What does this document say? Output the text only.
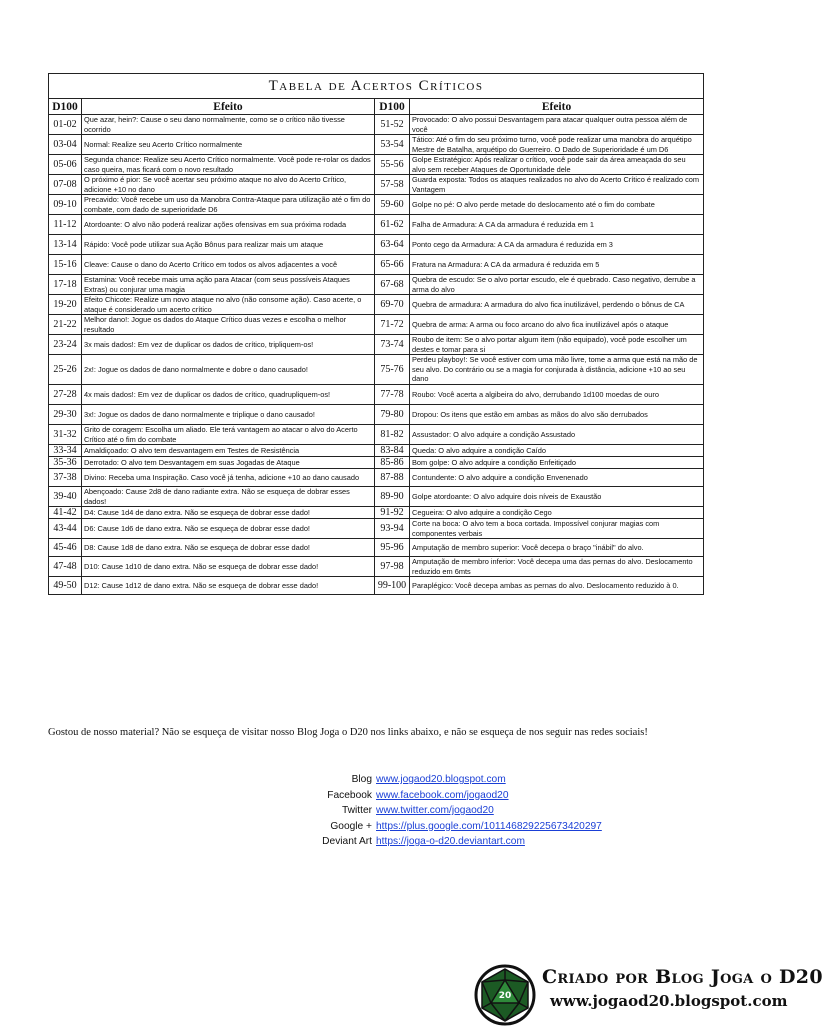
Tabela de Acertos Críticos			
D100	Efeito	D100	Efeito
01-02	Que azar, hein?: Cause o seu dano normalmente, como se o crítico não tivesse ocorrido	51-52	Provocado: O alvo possui Desvantagem para atacar qualquer outra pessoa além de você
03-04	Normal: Realize seu Acerto Crítico normalmente	53-54	Tático: Até o fim do seu próximo turno, você pode realizar uma manobra do arquétipo Mestre de Batalha, arquétipo do Guerreiro. O Dado de Superioridade é um D6
05-06	Segunda chance: Realize seu Acerto Crítico normalmente. Você pode re-rolar os dados caso queira, mas ficará com o novo resultado	55-56	Golpe Estratégico: Após realizar o crítico, você pode sair da área ameaçada do seu alvo sem receber Ataques de Oportunidade dele
07-08	O próximo é pior: Se você acertar seu próximo ataque no alvo do Acerto Crítico, adicione +10 no dano	57-58	Guarda exposta: Todos os ataques realizados no alvo do Acerto Crítico é realizado com Vantagem
09-10	Precavido: Você recebe um uso da Manobra Contra-Ataque para utilização até o fim do combate, com dado de superioridade D6	59-60	Golpe no pé: O alvo perde metade do deslocamento até o fim do combate
11-12	Atordoante: O alvo não poderá realizar ações ofensivas em sua próxima rodada	61-62	Falha de Armadura: A CA da armadura é reduzida em 1
13-14	Rápido: Você pode utilizar sua Ação Bônus para realizar mais um ataque	63-64	Ponto cego da Armadura: A CA da armadura é reduzida em 3
15-16	Cleave: Cause o dano do Acerto Crítico em todos os alvos adjacentes a você	65-66	Fratura na Armadura: A CA da armadura é reduzida em 5
17-18	Estamina: Você recebe mais uma ação para Atacar (com seus possíveis Ataques Extras) ou conjurar uma magia	67-68	Quebra de escudo: Se o alvo portar escudo, ele é quebrado. Caso negativo, derrube a arma do alvo
19-20	Efeito Chicote: Realize um novo ataque no alvo (não consome ação). Caso acerte, o ataque é considerado um acerto crítico	69-70	Quebra de armadura: A armadura do alvo fica inutilizável, perdendo o bônus de CA
21-22	Melhor dano!: Jogue os dados do Ataque Crítico duas vezes e escolha o melhor resultado	71-72	Quebra de arma: A arma ou foco arcano do alvo fica inutilizável após o ataque
23-24	3x mais dados!: Em vez de duplicar os dados de crítico, tripliquem-os!	73-74	Roubo de item: Se o alvo portar algum item (não equipado), você pode escolher um destes e tomar para si
25-26	2x!: Jogue os dados de dano normalmente e dobre o dano causado!	75-76	Perdeu playboy!: Se você estiver com uma mão livre, tome a arma que está na mão de seu alvo. Do contrário ou se a magia for conjurada à distância, adicione +10 ao seu dano
27-28	4x mais dados!: Em vez de duplicar os dados de crítico, quadrupliquem-os!	77-78	Roubo: Você acerta a algibeira do alvo, derrubando 1d100 moedas de ouro
29-30	3x!: Jogue os dados de dano normalmente e triplique o dano causado!	79-80	Dropou: Os itens que estão em ambas as mãos do alvo são derrubados
31-32	Grito de coragem: Escolha um aliado. Ele terá vantagem ao atacar o alvo do Acerto Crítico até o fim do combate	81-82	Assustador: O alvo adquire a condição Assustado
33-34	Amaldiçoado: O alvo tem desvantagem em Testes de Resistência	83-84	Queda: O alvo adquire a condição Caído
35-36	Derrotado: O alvo tem Desvantagem em suas Jogadas de Ataque	85-86	Bom golpe: O alvo adquire a condição Enfeitiçado
37-38	Divino: Receba uma Inspiração. Caso você já tenha, adicione +10 ao dano causado	87-88	Contundente: O alvo adquire a condição Envenenado
39-40	Abençoado: Cause 2d8 de dano radiante extra. Não se esqueça de dobrar esses dados!	89-90	Golpe atordoante: O alvo adquire dois níveis de Exaustão
41-42	D4: Cause 1d4 de dano extra. Não se esqueça de dobrar esse dado!	91-92	Cegueira: O alvo adquire a condição Cego
43-44	D6: Cause 1d6 de dano extra. Não se esqueça de dobrar esse dado!	93-94	Corte na boca: O alvo tem a boca cortada. Impossível conjurar magias com componentes verbais
45-46	D8: Cause 1d8 de dano extra. Não se esqueça de dobrar esse dado!	95-96	Amputação de membro superior: Você decepa o braço "inábil" do alvo.
47-48	D10: Cause 1d10 de dano extra. Não se esqueça de dobrar esse dado!	97-98	Amputação de membro inferior: Você decepa uma das pernas do alvo. Deslocamento reduzido em 6mts
49-50	D12: Cause 1d12 de dano extra. Não se esqueça de dobrar esse dado!	99-100	Paraplégico: Você decepa ambas as pernas do alvo. Deslocamento reduzido à 0.
Gostou de nosso material? Não se esqueça de visitar nosso Blog Joga o D20 nos links abaixo, e não se esqueça de nos seguir nas redes sociais!
Blog www.jogaod20.blogspot.com
Facebook www.facebook.com/jogaod20
Twitter www.twitter.com/jogaod20
Google + https://plus.google.com/101146829225673420297
Deviant Art https://joga-o-d20.deviantart.com
20
Criado por Blog Joga o D20
www.jogaod20.blogspot.com
